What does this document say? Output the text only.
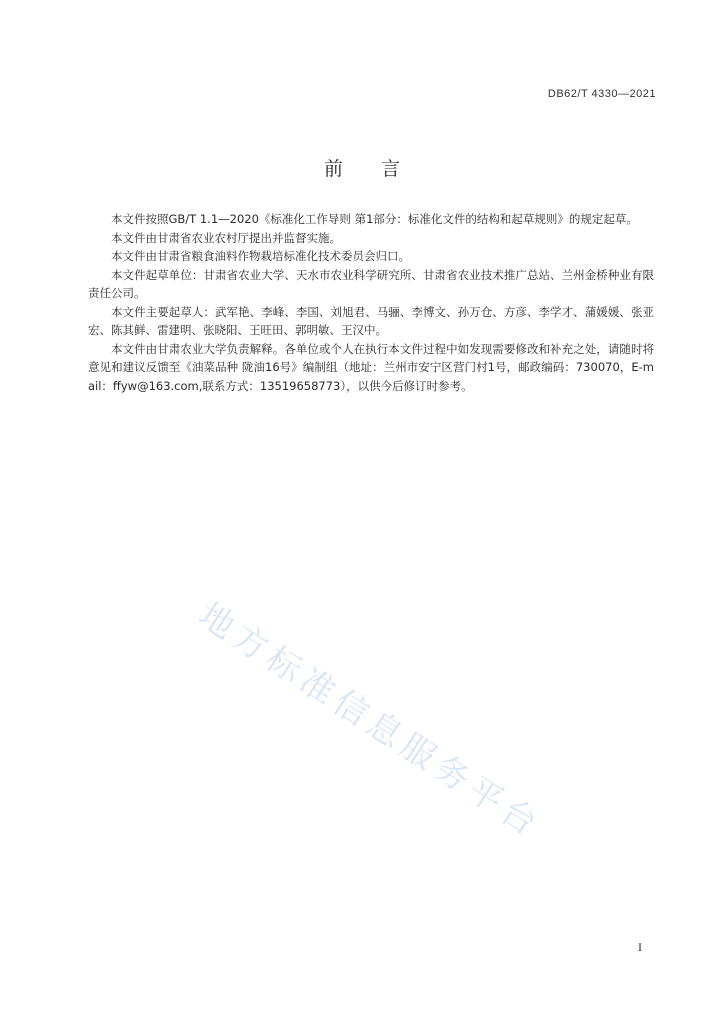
DB62/T 4330—2021
前言

本文件按照GB/T 1.1—2020《标准化工作导则 第1部分：标准化文件的结构和起草规则》的规定起草。

本文件由甘肃省农业农村厅提出并监督实施。

本文件由甘肃省粮食油料作物栽培标准化技术委员会归口。

本文件起草单位：甘肃省农业大学、天水市农业科学研究所、甘肃省农业技术推广总站、兰州金桥种业有限责任公司。

本文件主要起草人：武军艳、李峰、李国、刘旭君、马骊、李博文、孙万仓、方彦、李学才、蒲媛媛、张亚宏、陈其鲜、雷建明、张晓阳、王旺田、郭明敏、王汉中。

本文件由甘肃农业大学负责解释。各单位或个人在执行本文件过程中如发现需要修改和补充之处，请随时将意见和建议反馈至《油菜品种 陇油16号》编制组（地址：兰州市安宁区营门村1号，邮政编码：730070，E-mail：ffyw@163.com,联系方式：13519658773），以供今后修订时参考。

地方标准信息服务平台
I
